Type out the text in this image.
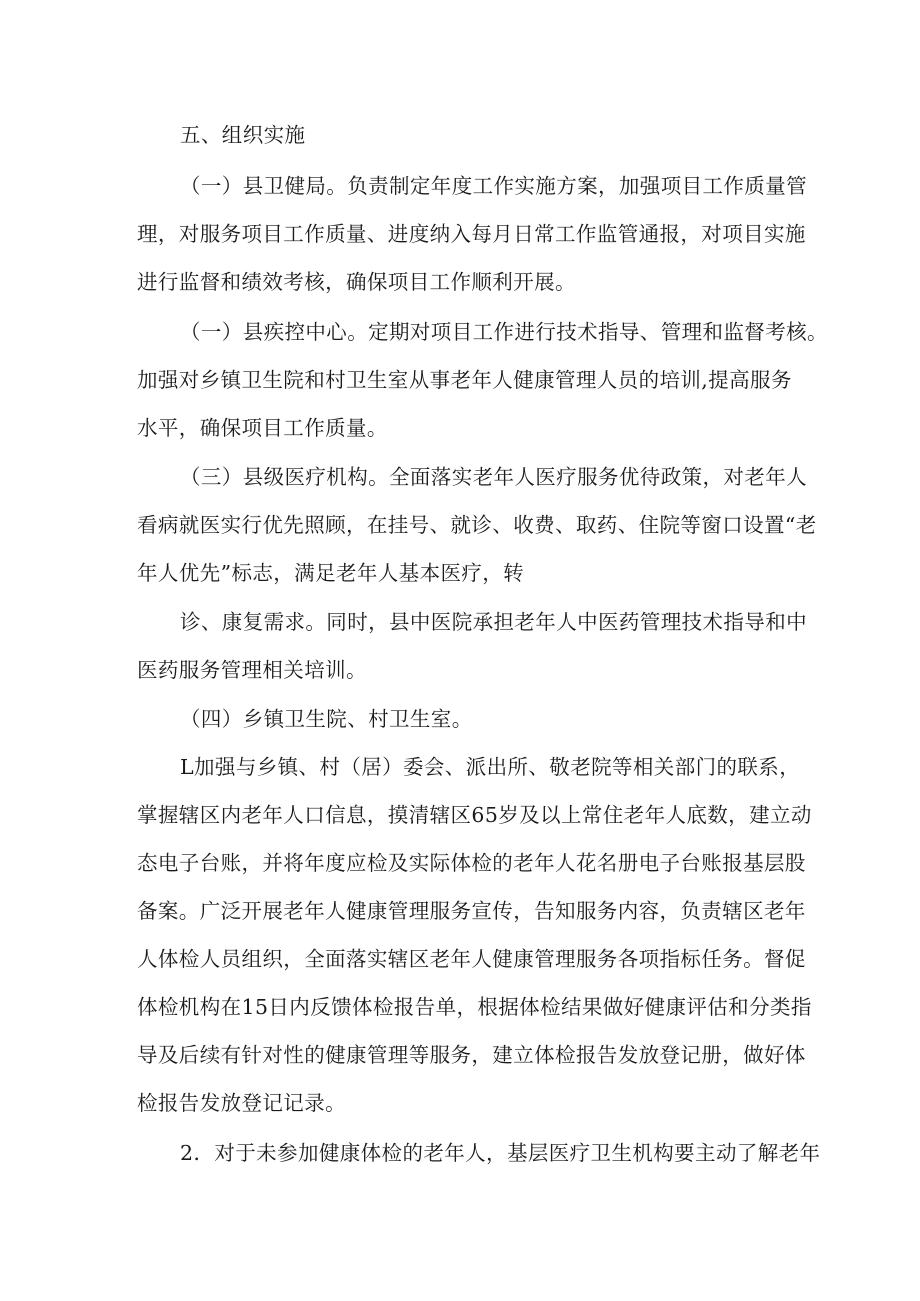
五、组织实施
（一）县卫健局。负责制定年度工作实施方案，加强项目工作质量管
理，对服务项目工作质量、进度纳入每月日常工作监管通报，对项目实施
进行监督和绩效考核，确保项目工作顺利开展。
（一）县疾控中心。定期对项目工作进行技术指导、管理和监督考核。
加强对乡镇卫生院和村卫生室从事老年人健康管理人员的培训,提高服务
水平，确保项目工作质量。
（三）县级医疗机构。全面落实老年人医疗服务优待政策，对老年人
看病就医实行优先照顾，在挂号、就诊、收费、取药、住院等窗口设置“老
年人优先”标志，满足老年人基本医疗，转
诊、康复需求。同时，县中医院承担老年人中医药管理技术指导和中
医药服务管理相关培训。
（四）乡镇卫生院、村卫生室。
L加强与乡镇、村（居）委会、派出所、敬老院等相关部门的联系，
掌握辖区内老年人口信息，摸清辖区65岁及以上常住老年人底数，建立动
态电子台账，并将年度应检及实际体检的老年人花名册电子台账报基层股
备案。广泛开展老年人健康管理服务宣传，告知服务内容，负责辖区老年
人体检人员组织，全面落实辖区老年人健康管理服务各项指标任务。督促
体检机构在15日内反馈体检报告单，根据体检结果做好健康评估和分类指
导及后续有针对性的健康管理等服务，建立体检报告发放登记册，做好体
检报告发放登记记录。
2．对于未参加健康体检的老年人，基层医疗卫生机构要主动了解老年
